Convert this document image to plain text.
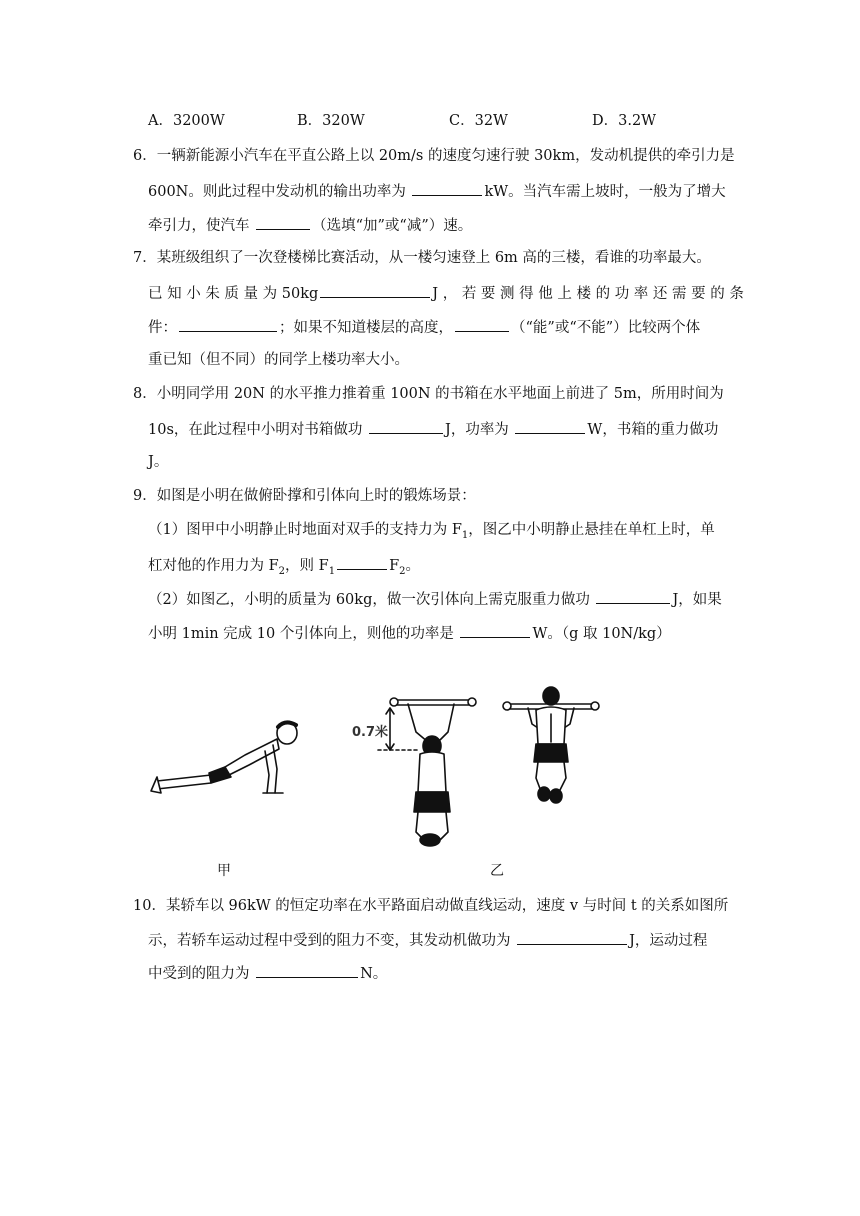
A．3200W	B．320W	C．32W	D．3.2W
6．一辆新能源小汽车在平直公路上以 20m/s 的速度匀速行驶 30km，发动机提供的牵引力是
600N。则此过程中发动机的输出功率为	kW。当汽车需上坡时，一般为了增大
牵引力，使汽车	（选填“加”或“减”）速。
7．某班级组织了一次登楼梯比赛活动，从一楼匀速登上 6m 高的三楼，看谁的功率最大。
已 知 小 朱 质 量 为 50kg	J ， 若 要 测 得 他 上 楼 的 功 率 还 需 要 的 条
件：	；如果不知道楼层的高度，	（“能”或“不能”）比较两个体
重已知（但不同）的同学上楼功率大小。
8．小明同学用 20N 的水平推力推着重 100N 的书箱在水平地面上前进了 5m，所用时间为
10s，在此过程中小明对书箱做功	J，功率为	W，书箱的重力做功
J。
9．如图是小明在做俯卧撑和引体向上时的锻炼场景：
（1）图甲中小明静止时地面对双手的支持力为 $F_1$，图乙中小明静止悬挂在单杠上时，单
杠对他的作用力为 $F_2$，则 $F_1$	$F_2$。
（2）如图乙，小明的质量为 60kg，做一次引体向上需克服重力做功	J，如果
小明 1min 完成 10 个引体向上，则他的功率是	W。（g 取 10N/kg）
甲
0.7米
乙
10．某轿车以 96kW 的恒定功率在水平路面启动做直线运动，速度 v 与时间 t 的关系如图所
示，若轿车运动过程中受到的阻力不变，其发动机做功为	J，运动过程
中受到的阻力为	N。
